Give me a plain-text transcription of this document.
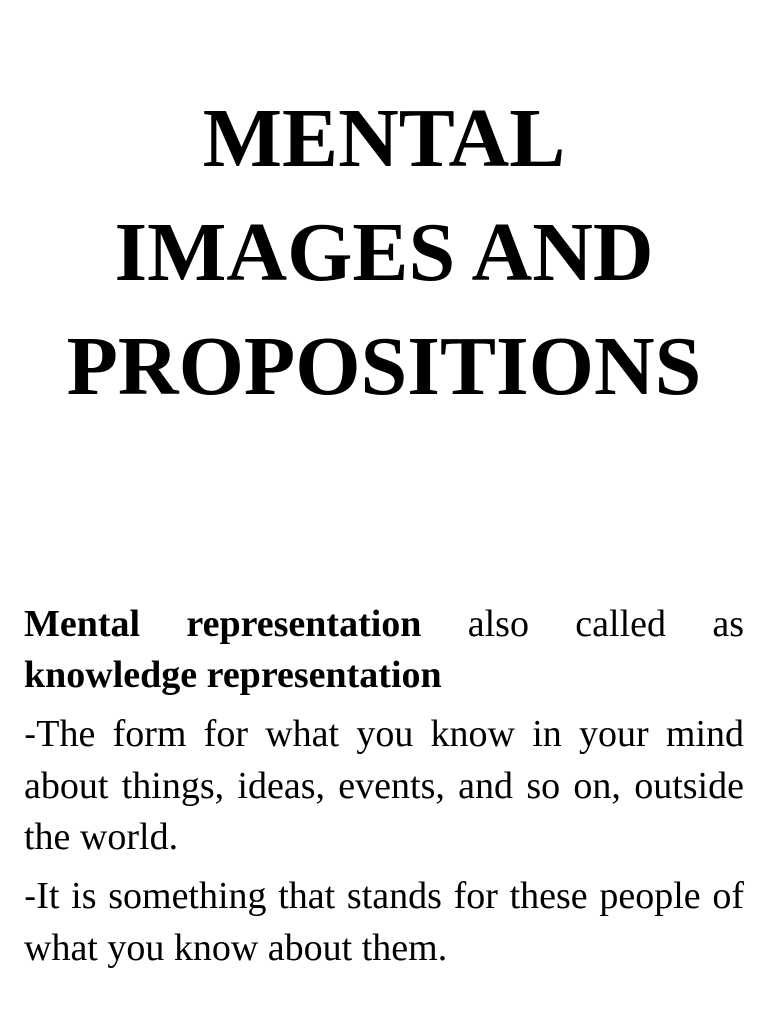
MENTAL
IMAGES AND
PROPOSITIONS

Mental representation also called as knowledge representation

-The form for what you know in your mind about things, ideas, events, and so on, outside the world.

-It is something that stands for these people of what you know about them.
